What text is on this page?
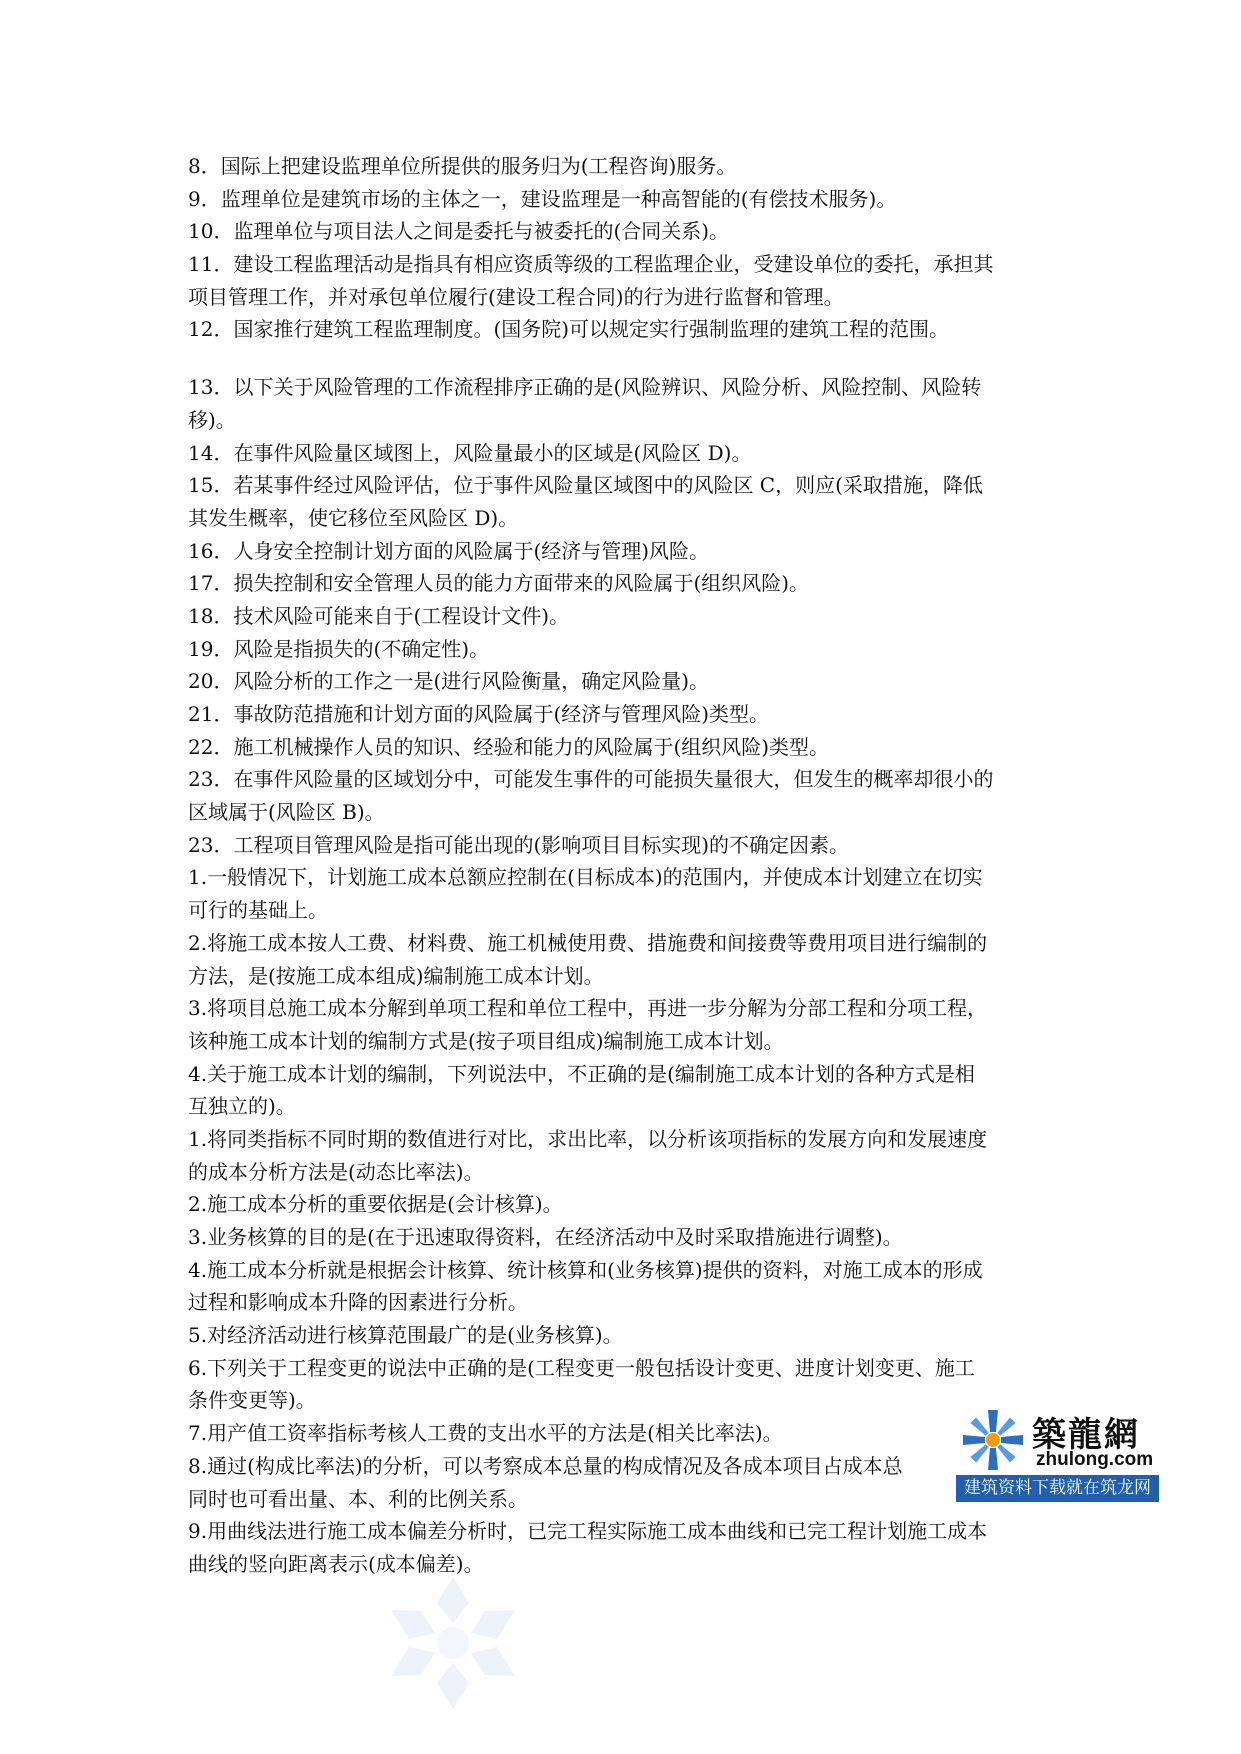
8．国际上把建设监理单位所提供的服务归为(工程咨询)服务。
9．监理单位是建筑市场的主体之一，建设监理是一种高智能的(有偿技术服务)。
10．监理单位与项目法人之间是委托与被委托的(合同关系)。
11．建设工程监理活动是指具有相应资质等级的工程监理企业，受建设单位的委托，承担其
项目管理工作，并对承包单位履行(建设工程合同)的行为进行监督和管理。
12．国家推行建筑工程监理制度。(国务院)可以规定实行强制监理的建筑工程的范围。
13．以下关于风险管理的工作流程排序正确的是(风险辨识、风险分析、风险控制、风险转
移)。
14．在事件风险量区域图上，风险量最小的区域是(风险区 D)。
15．若某事件经过风险评估，位于事件风险量区域图中的风险区 C，则应(采取措施，降低
其发生概率，使它移位至风险区 D)。
16．人身安全控制计划方面的风险属于(经济与管理)风险。
17．损失控制和安全管理人员的能力方面带来的风险属于(组织风险)。
18．技术风险可能来自于(工程设计文件)。
19．风险是指损失的(不确定性)。
20．风险分析的工作之一是(进行风险衡量，确定风险量)。
21．事故防范措施和计划方面的风险属于(经济与管理风险)类型。
22．施工机械操作人员的知识、经验和能力的风险属于(组织风险)类型。
23．在事件风险量的区域划分中，可能发生事件的可能损失量很大，但发生的概率却很小的
区域属于(风险区 B)。
23．工程项目管理风险是指可能出现的(影响项目目标实现)的不确定因素。
1.一般情况下，计划施工成本总额应控制在(目标成本)的范围内，并使成本计划建立在切实
可行的基础上。
2.将施工成本按人工费、材料费、施工机械使用费、措施费和间接费等费用项目进行编制的
方法，是(按施工成本组成)编制施工成本计划。
3.将项目总施工成本分解到单项工程和单位工程中，再进一步分解为分部工程和分项工程，
该种施工成本计划的编制方式是(按子项目组成)编制施工成本计划。
4.关于施工成本计划的编制，下列说法中，不正确的是(编制施工成本计划的各种方式是相
互独立的)。
1.将同类指标不同时期的数值进行对比，求出比率，以分析该项指标的发展方向和发展速度
的成本分析方法是(动态比率法)。
2.施工成本分析的重要依据是(会计核算)。
3.业务核算的目的是(在于迅速取得资料，在经济活动中及时采取措施进行调整)。
4.施工成本分析就是根据会计核算、统计核算和(业务核算)提供的资料，对施工成本的形成
过程和影响成本升降的因素进行分析。
5.对经济活动进行核算范围最广的是(业务核算)。
6.下列关于工程变更的说法中正确的是(工程变更一般包括设计变更、进度计划变更、施工
条件变更等)。
7.用产值工资率指标考核人工费的支出水平的方法是(相关比率法)。
8.通过(构成比率法)的分析，可以考察成本总量的构成情况及各成本项目占成本总
同时也可看出量、本、利的比例关系。
9.用曲线法进行施工成本偏差分析时，已完工程实际施工成本曲线和已完工程计划施工成本
曲线的竖向距离表示(成本偏差)。
築龍網
zhulong.com
建筑资料下载就在筑龙网
